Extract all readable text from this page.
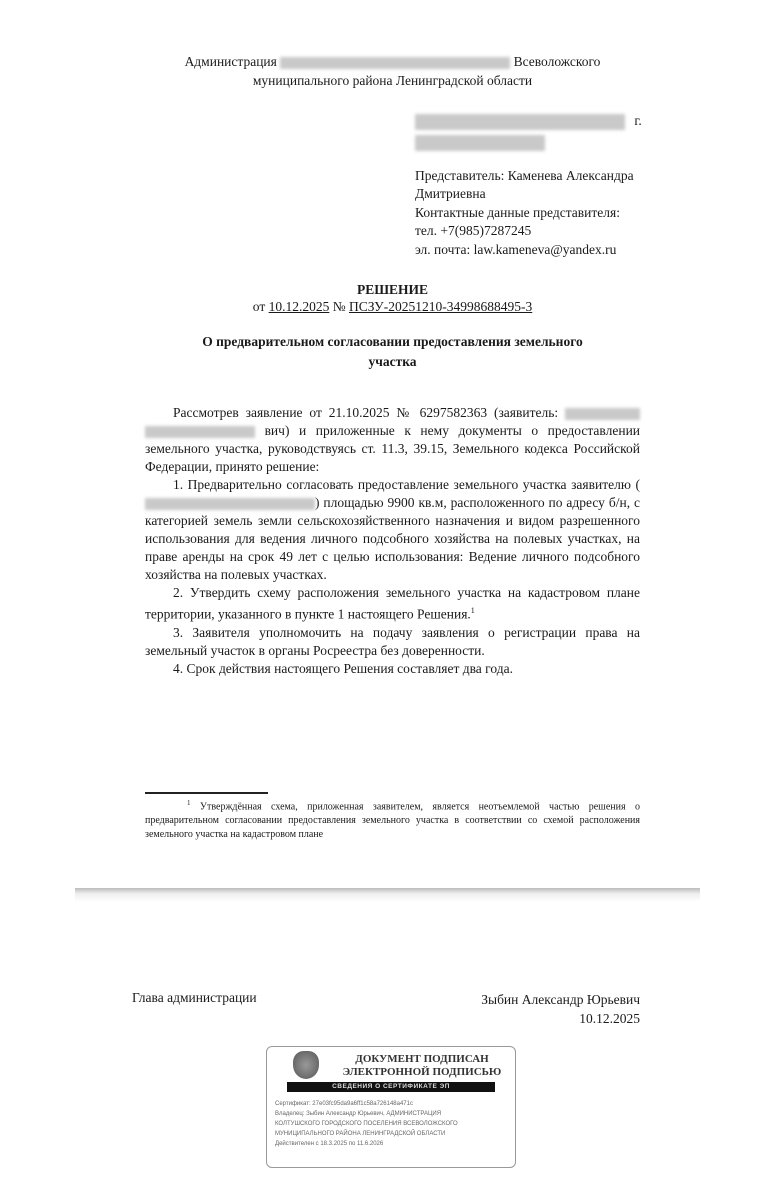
Администрация	Всеволожского
муниципального района Ленинградской области
г.
Представитель: Каменева Александра
Дмитриевна
Контактные данные представителя:
тел. +7(985)7287245
эл. почта: law.kameneva@yandex.ru
РЕШЕНИЕ
от 10.12.2025 № ПСЗУ-20251210-34998688495-3
О предварительном согласовании предоставления земельного
участка

Рассмотрев заявление от 21.10.2025 № 6297582363 (заявитель:   вич) и приложенные к нему документы о предоставлении земельного участка, руководствуясь ст. 11.3, 39.15, Земельного кодекса Российской Федерации, принято решение:

1. Предварительно согласовать предоставление земельного участка заявителю () площадью 9900 кв.м, расположенного по адресу б/н, с категорией земель земли сельскохозяйственного назначения и видом разрешенного использования для ведения личного подсобного хозяйства на полевых участках, на праве аренды на срок 49 лет с целью использования: Ведение личного подсобного хозяйства на полевых участках.

2. Утвердить схему расположения земельного участка на кадастровом плане территории, указанного в пункте 1 настоящего Решения.$^1$

3. Заявителя уполномочить на подачу заявления о регистрации права на земельный участок в органы Росреестра без доверенности.

4. Срок действия настоящего Решения составляет два года.

$^1$ Утверждённая схема, приложенная заявителем, является неотъемлемой частью решения о предварительном согласовании предоставления земельного участка в соответствии со схемой расположения земельного участка на кадастровом плане
Глава администрации	Зыбин Александр Юрьевич
10.12.2025
ДОКУМЕНТ ПОДПИСАН
ЭЛЕКТРОННОЙ ПОДПИСЬЮ
СВЕДЕНИЯ О СЕРТИФИКАТЕ ЭП
Сертификат: 27e03fc95da9a6ff1c58a726148a471c
Владелец: Зыбин Александр Юрьевич, АДМИНИСТРАЦИЯ
КОЛТУШСКОГО ГОРОДСКОГО ПОСЕЛЕНИЯ ВСЕВОЛОЖСКОГО
МУНИЦИПАЛЬНОГО РАЙОНА ЛЕНИНГРАДСКОЙ ОБЛАСТИ
Действителен с 18.3.2025 по 11.6.2026
